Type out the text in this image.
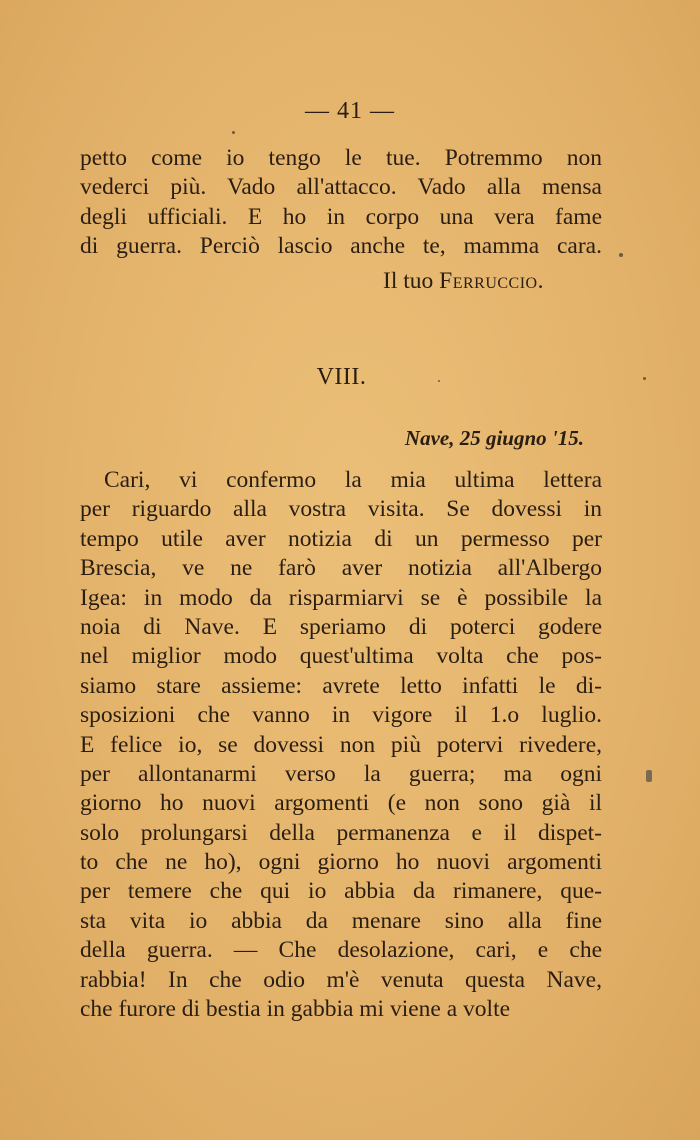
— 41 —
petto come io tengo le tue. Potremmo non
vederci più. Vado all'attacco. Vado alla mensa
degli ufficiali. E ho in corpo una vera fame
di guerra. Perciò lascio anche te, mamma cara.
Il tuo Ferruccio.
VIII.
Nave, 25 giugno '15.
Cari, vi confermo la mia ultima lettera
per riguardo alla vostra visita. Se dovessi in
tempo utile aver notizia di un permesso per
Brescia, ve ne farò aver notizia all'Albergo
Igea: in modo da risparmiarvi se è possibile la
noia di Nave. E speriamo di poterci godere
nel miglior modo quest'ultima volta che pos-
siamo stare assieme: avrete letto infatti le di-
sposizioni che vanno in vigore il 1.o luglio.
E felice io, se dovessi non più potervi rivedere,
per allontanarmi verso la guerra; ma ogni
giorno ho nuovi argomenti (e non sono già il
solo prolungarsi della permanenza e il dispet-
to che ne ho), ogni giorno ho nuovi argomenti
per temere che qui io abbia da rimanere, que-
sta vita io abbia da menare sino alla fine
della guerra. — Che desolazione, cari, e che
rabbia! In che odio m'è venuta questa Nave,
che furore di bestia in gabbia mi viene a volte
